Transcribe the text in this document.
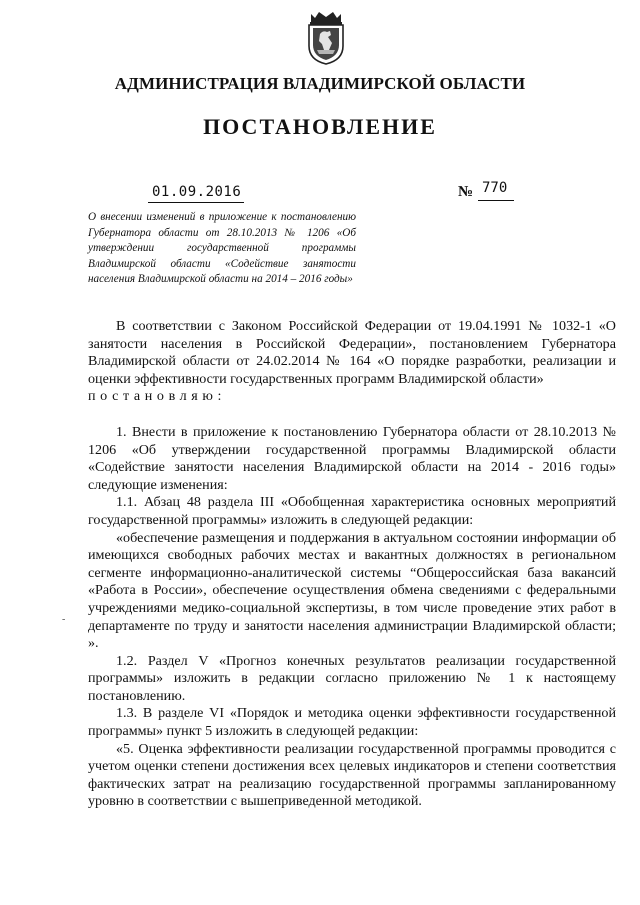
АДМИНИСТРАЦИЯ ВЛАДИМИРСКОЙ ОБЛАСТИ
ПОСТАНОВЛЕНИЕ
01.09.2016	№ 770
О внесении изменений в приложение к постановлению Губернатора области от 28.10.2013 № 1206 «Об утверждении государственной программы Владимирской области «Содействие занятости населения Владимирской области на 2014 – 2016 годы»

В соответствии с Законом Российской Федерации от 19.04.1991 № 1032-1 «О занятости населения в Российской Федерации», постановлением Губернатора Владимирской области от 24.02.2014 № 164 «О порядке разработки, реализации и оценки эффективности государственных программ Владимирской области»

постановляю:

1. Внести в приложение к постановлению Губернатора области от 28.10.2013 № 1206 «Об утверждении государственной программы Владимирской области «Содействие занятости населения Владимирской области на 2014 - 2016 годы» следующие изменения:

1.1. Абзац 48 раздела III «Обобщенная характеристика основных мероприятий государственной программы» изложить в следующей редакции:

«обеспечение размещения и поддержания в актуальном состоянии информации об имеющихся свободных рабочих местах и вакантных должностях в региональном сегменте информационно-аналитической системы “Общероссийская база вакансий «Работа в России», обеспечение осуществления обмена сведениями с федеральными учреждениями медико-социальной экспертизы, в том числе проведение этих работ в департаменте по труду и занятости населения администрации Владимирской области; ».

1.2. Раздел V «Прогноз конечных результатов реализации государственной программы» изложить в редакции согласно приложению № 1 к настоящему постановлению.

1.3. В разделе VI «Порядок и методика оценки эффективности государственной программы» пункт 5 изложить в следующей редакции:

«5. Оценка эффективности реализации государственной программы проводится с учетом оценки степени достижения всех целевых индикаторов и степени соответствия фактических затрат на реализацию государственной программы запланированному уровню в соответствии с вышеприведенной методикой.

-
